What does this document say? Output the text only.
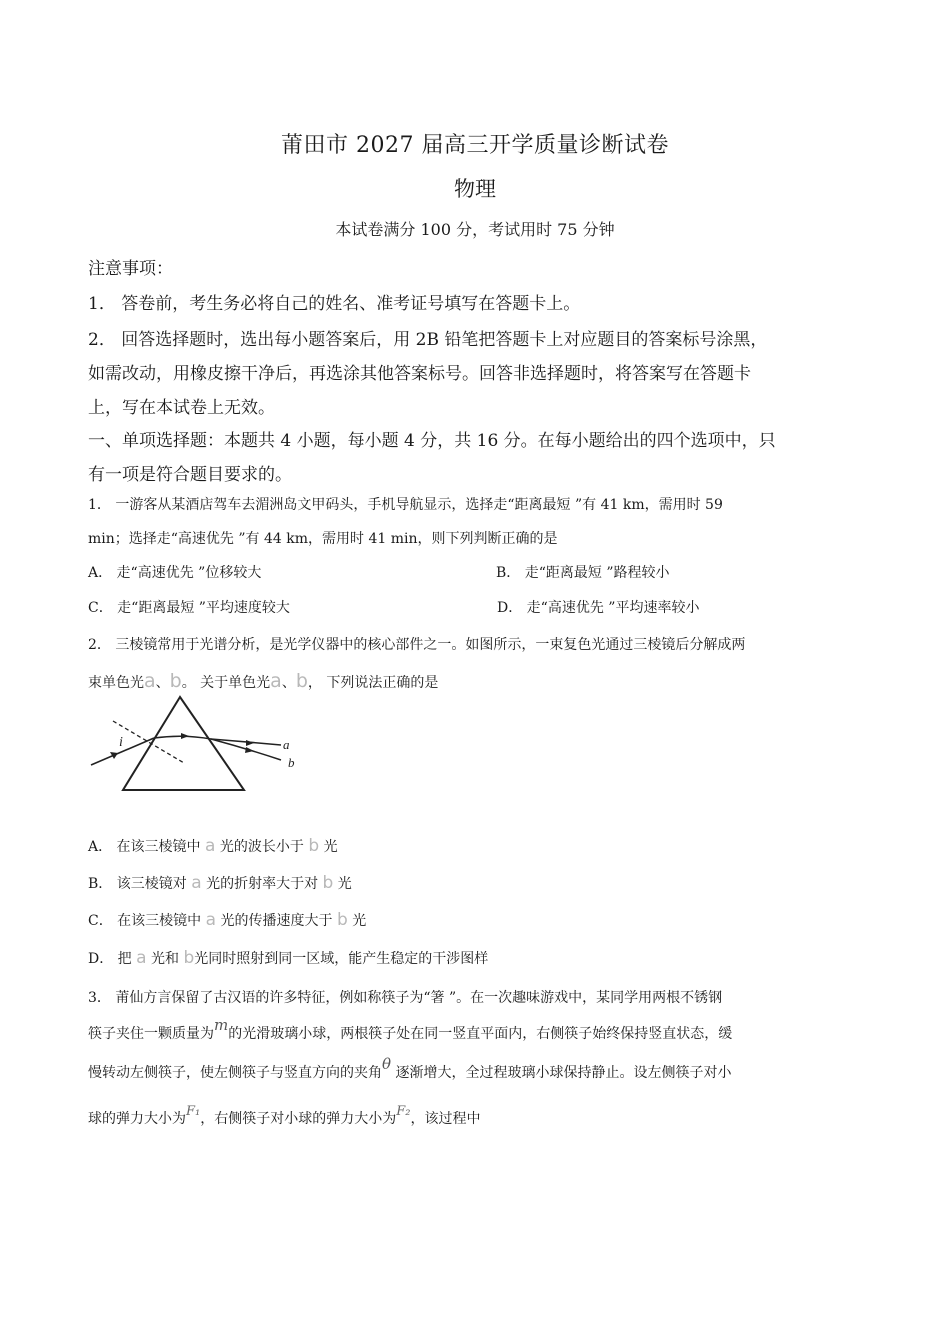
莆田市 2027 届高三开学质量诊断试卷
物理
本试卷满分 100 分，考试用时 75 分钟
注意事项：
1． 答卷前，考生务必将自己的姓名、准考证号填写在答题卡上。
2． 回答选择题时，选出每小题答案后，用 2B 铅笔把答题卡上对应题目的答案标号涂黑，
如需改动，用橡皮擦干净后，再选涂其他答案标号。回答非选择题时，将答案写在答题卡
上，写在本试卷上无效。
一、单项选择题：本题共 4 小题，每小题 4 分，共 16 分。在每小题给出的四个选项中，只
有一项是符合题目要求的。
1． 一游客从某酒店驾车去湄洲岛文甲码头，手机导航显示，选择走“距离最短 ”有 41 km，需用时 59
min；选择走“高速优先 ”有 44 km，需用时 41 min，则下列判断正确的是
A． 走“高速优先 ”位移较大	B． 走“距离最短 ”路程较小
C． 走“距离最短 ”平均速度较大	D． 走“高速优先 ”平均速率较小
2． 三棱镜常用于光谱分析，是光学仪器中的核心部件之一。如图所示，一束复色光通过三棱镜后分解成两
束单色光a、b。 关于单色光a、b， 下列说法正确的是
i	a
b
A． 在该三棱镜中 a 光的波长小于 b 光
B． 该三棱镜对 a 光的折射率大于对 b 光
C． 在该三棱镜中 a 光的传播速度大于 b 光
D． 把 a 光和 b光同时照射到同一区域，能产生稳定的干涉图样
3． 莆仙方言保留了古汉语的许多特征，例如称筷子为“箸 ”。在一次趣味游戏中，某同学用两根不锈钢
筷子夹住一颗质量为m的光滑玻璃小球，两根筷子处在同一竖直平面内，右侧筷子始终保持竖直状态，缓
慢转动左侧筷子，使左侧筷子与竖直方向的夹角θ 逐渐增大，全过程玻璃小球保持静止。设左侧筷子对小
球的弹力大小为F₁，右侧筷子对小球的弹力大小为F₂，该过程中
